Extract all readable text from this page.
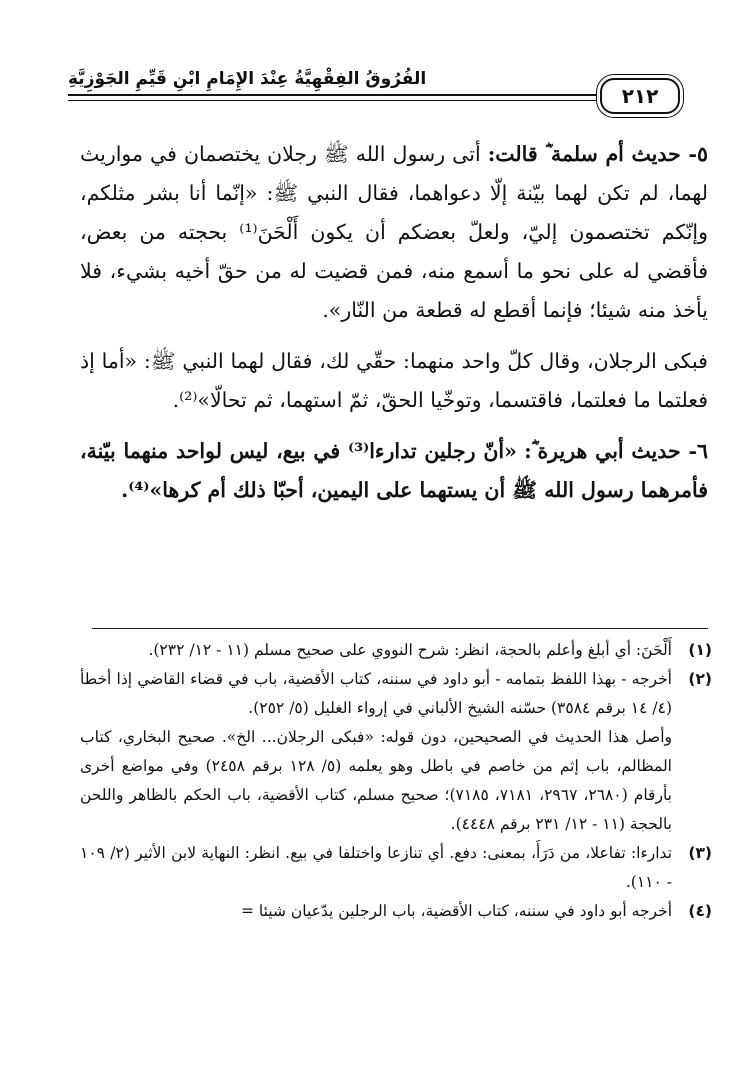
٢١٢
الفُرُوقُ الفِقْهِيَّةُ عِنْدَ الإِمَامِ ابْنِ قَيِّمِ الجَوْزِيَّةِ

٥- حديث أم سلمة ؓ قالت: أتى رسول الله ﷺ رجلان يختصمان في مواريث لهما، لم تكن لهما بيّنة إلّا دعواهما، فقال النبي ﷺ: «إنّما أنا بشر مثلكم، وإنّكم تختصمون إليّ، ولعلّ بعضكم أن يكون أَلْحَنَ⁽¹⁾ بحجته من بعض، فأقضي له على نحو ما أسمع منه، فمن قضيت له من حقّ أخيه بشيء، فلا يأخذ منه شيئا؛ فإنما أقطع له قطعة من النّار».

فبكى الرجلان، وقال كلّ واحد منهما: حقّي لك، فقال لهما النبي ﷺ: «أما إذ فعلتما ما فعلتما، فاقتسما، وتوخّيا الحقّ، ثمّ استهما، ثم تحالّا»⁽²⁾.

٦- حديث أبي هريرة ؓ: «أنّ رجلين تدارءا⁽³⁾ في بيع، ليس لواحد منهما بيّنة، فأمرهما رسول الله ﷺ أن يستهما على اليمين، أحبّا ذلك أم كرها»⁽⁴⁾.

(١)

أَلْحَنَ: أي أبلغ وأعلم بالحجة، انظر: شرح النووي على صحيح مسلم (١١ - ١٢/ ٢٣٢).

(٢)

أخرجه - بهذا اللفظ بتمامه - أبو داود في سننه، كتاب الأقضية، باب في قضاء القاضي إذا أخطأ (٤/ ١٤ برقم ٣٥٨٤) حسّنه الشيخ الألباني في إرواء الغليل (٥/ ٢٥٢).

وأصل هذا الحديث في الصحيحين، دون قوله: «فبكى الرجلان... الخ». صحيح البخاري، كتاب المظالم، باب إثم من خاصم في باطل وهو يعلمه (٥/ ١٢٨ برقم ٢٤٥٨) وفي مواضع أخرى بأرقام (٢٦٨٠، ٢٩٦٧، ٧١٨١، ٧١٨٥)؛ صحيح مسلم، كتاب الأقضية، باب الحكم بالظاهر واللحن بالحجة (١١ - ١٢/ ٢٣١ برقم ٤٤٤٨).

(٣)

تدارءا: تفاعلا، من دَرَأَ، بمعنى: دفع. أي تنازعا واختلفا في بيع. انظر: النهاية لابن الأثير (٢/ ١٠٩ - ١١٠).

(٤)

أخرجه أبو داود في سننه، كتاب الأقضية، باب الرجلين يدّعيان شيئا =
